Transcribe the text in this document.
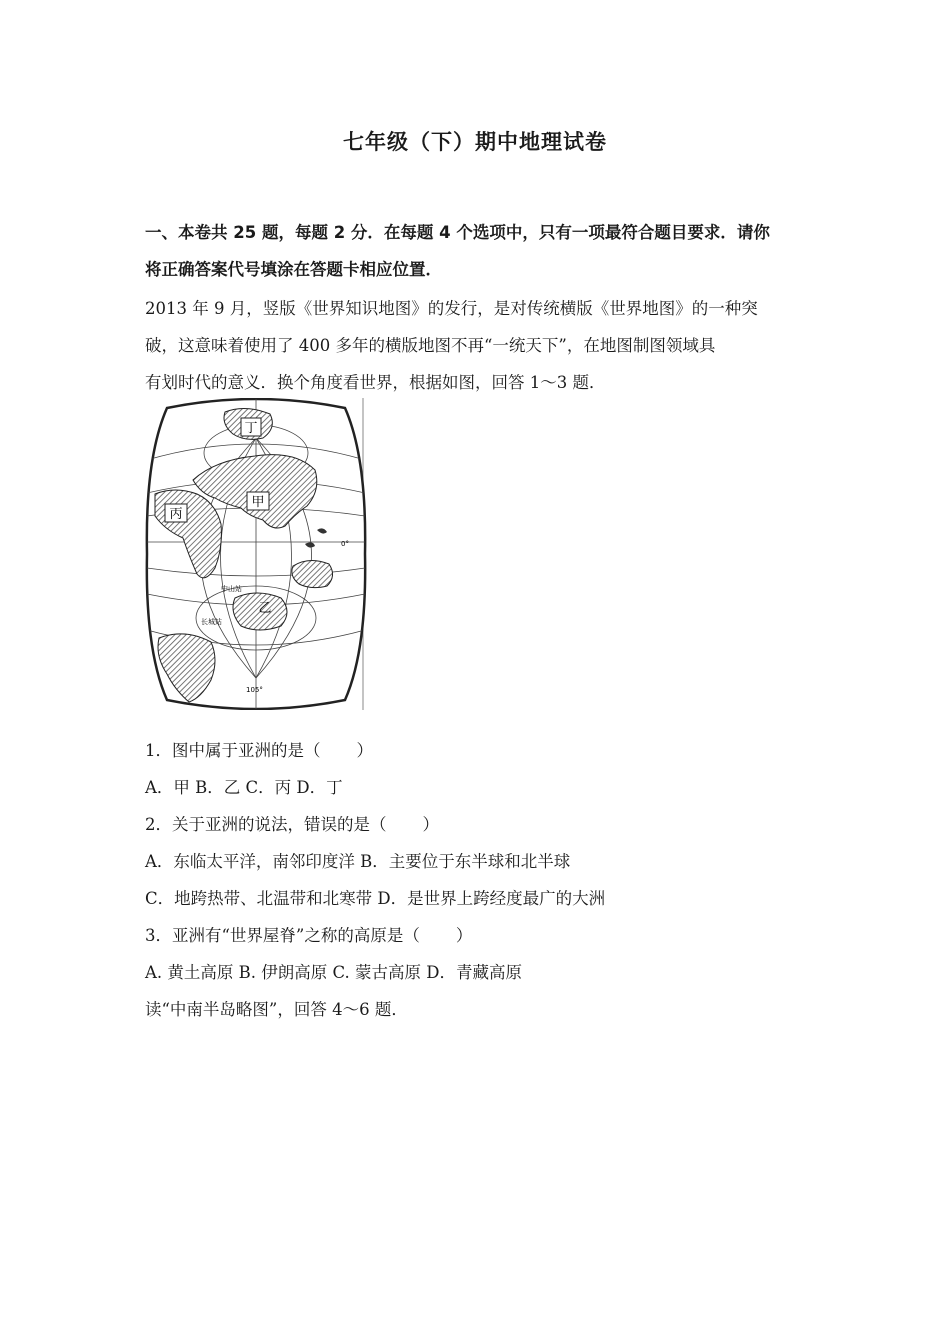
七年级（下）期中地理试卷
一、本卷共 25 题，每题 2 分．在每题 4 个选项中，只有一项最符合题目要求．请你
将正确答案代号填涂在答题卡相应位置．
2013 年 9 月，竖版《世界知识地图》的发行，是对传统横版《世界地图》的一种突
破，这意味着使用了 400 多年的横版地图不再“一统天下”，在地图制图领域具
有划时代的意义．换个角度看世界，根据如图，回答 1～3 题．
丁
甲
丙
乙
中山站
长城站
0°
105°
1．图中属于亚洲的是（ ）
A．甲 B．乙 C．丙 D．丁
2．关于亚洲的说法，错误的是（ ）
A．东临太平洋，南邻印度洋 B．主要位于东半球和北半球
C．地跨热带、北温带和北寒带 D．是世界上跨经度最广的大洲
3．亚洲有“世界屋脊”之称的高原是（ ）
A. 黄土高原 B. 伊朗高原 C. 蒙古高原 D．青藏高原
读“中南半岛略图”，回答 4～6 题．
